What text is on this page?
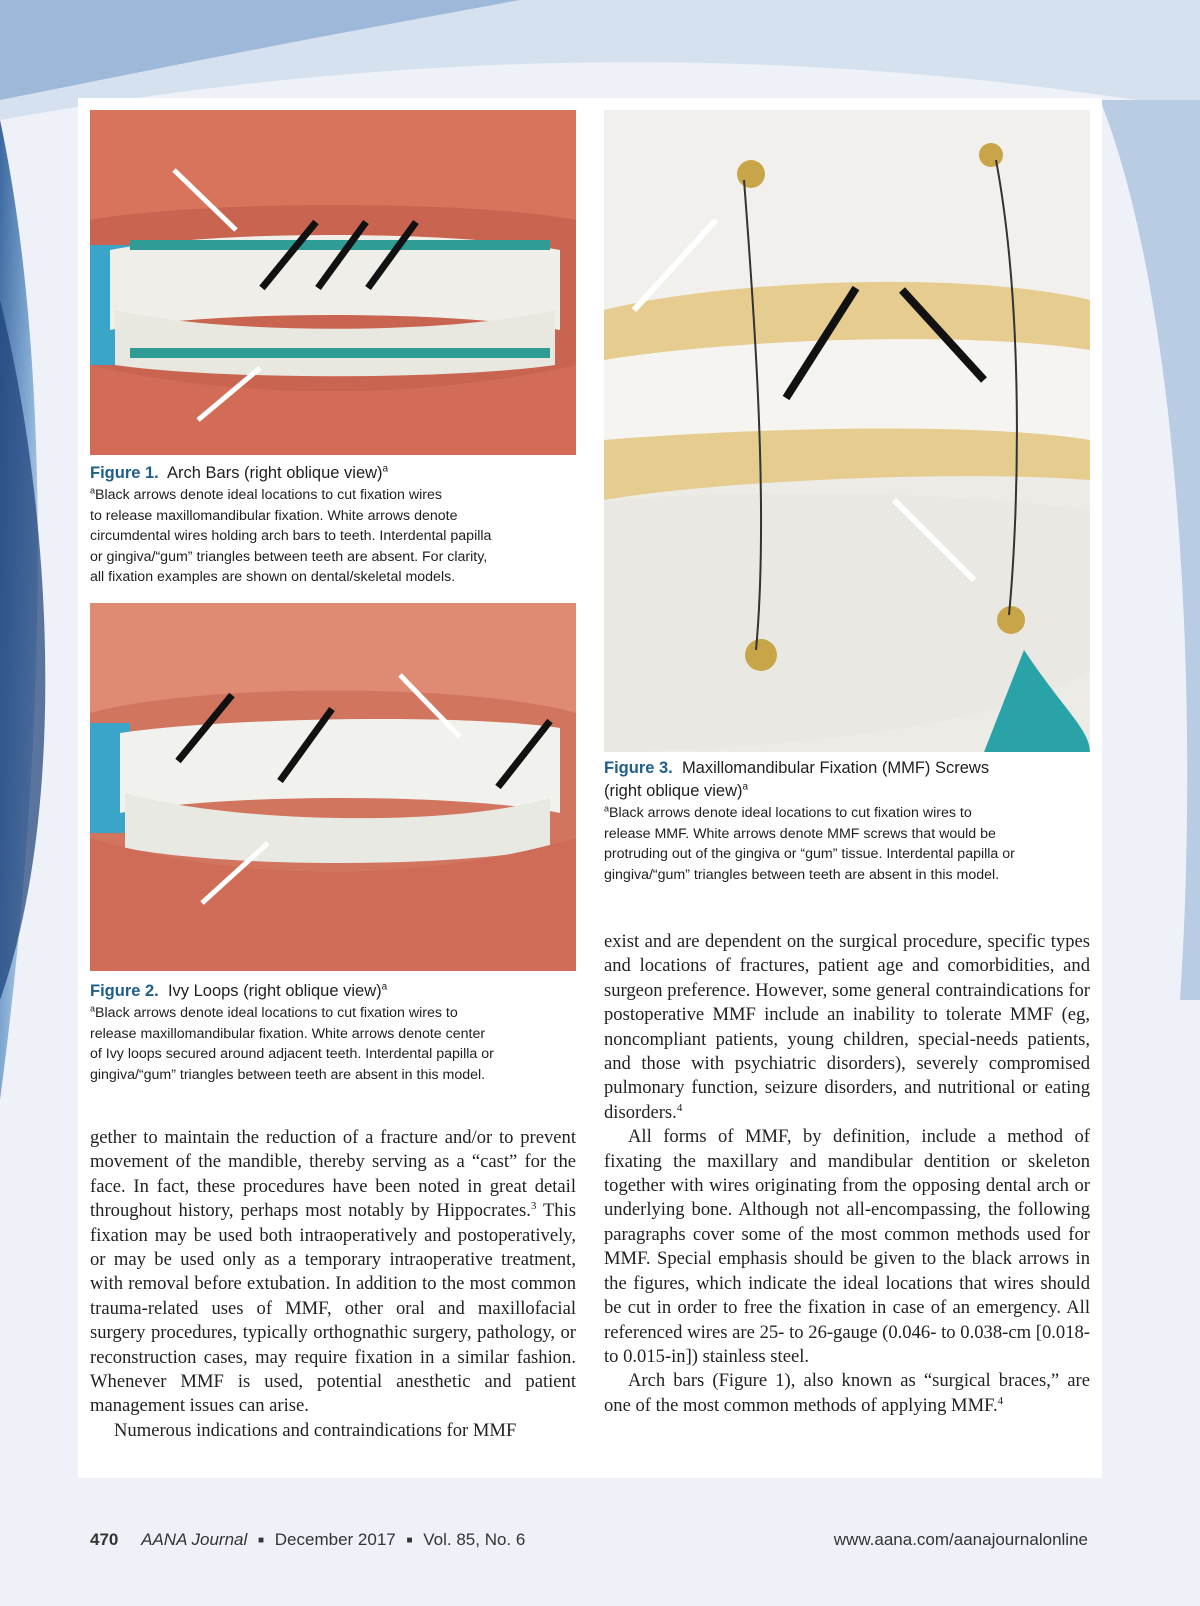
Figure 1. Arch Bars (right oblique view)$^a$
$^a$Black arrows denote ideal locations to cut fixation wires
to release maxillomandibular fixation. White arrows denote
circumdental wires holding arch bars to teeth. Interdental papilla
or gingiva/“gum” triangles between teeth are absent. For clarity,
all fixation examples are shown on dental/skeletal models.
Figure 2. Ivy Loops (right oblique view)$^a$
$^a$Black arrows denote ideal locations to cut fixation wires to
release maxillomandibular fixation. White arrows denote center
of Ivy loops secured around adjacent teeth. Interdental papilla or
gingiva/“gum” triangles between teeth are absent in this model.
Figure 3. Maxillomandibular Fixation (MMF) Screws
(right oblique view)$^a$
$^a$Black arrows denote ideal locations to cut fixation wires to
release MMF. White arrows denote MMF screws that would be
protruding out of the gingiva or “gum” tissue. Interdental papilla or
gingiva/“gum” triangles between teeth are absent in this model.

gether to maintain the reduction of a fracture and/or to prevent movement of the mandible, thereby serving as a “cast” for the face. In fact, these procedures have been noted in great detail throughout history, perhaps most notably by Hippocrates.$^3$ This fixation may be used both intraoperatively and postoperatively, or may be used only as a temporary intraoperative treatment, with removal before extubation. In addition to the most common trauma-related uses of MMF, other oral and maxillofacial surgery procedures, typically orthognathic surgery, pathology, or reconstruction cases, may require fixation in a similar fashion. Whenever MMF is used, potential anesthetic and patient management issues can arise.

Numerous indications and contraindications for MMF

exist and are dependent on the surgical procedure, specific types and locations of fractures, patient age and comorbidities, and surgeon preference. However, some general contraindications for postoperative MMF include an inability to tolerate MMF (eg, noncompliant patients, young children, special-needs patients, and those with psychiatric disorders), severely compromised pulmonary function, seizure disorders, and nutritional or eating disorders.$^4$

All forms of MMF, by definition, include a method of fixating the maxillary and mandibular dentition or skeleton together with wires originating from the opposing dental arch or underlying bone. Although not all-encompassing, the following paragraphs cover some of the most common methods used for MMF. Special emphasis should be given to the black arrows in the figures, which indicate the ideal locations that wires should be cut in order to free the fixation in case of an emergency. All referenced wires are 25- to 26-gauge (0.046- to 0.038-cm [0.018- to 0.015-in]) stainless steel.

Arch bars (Figure 1), also known as “surgical braces,” are one of the most common methods of applying MMF.$^4$

470 AANA Journal ■ December 2017 ■ Vol. 85, No. 6	www.aana.com/aanajournalonline
